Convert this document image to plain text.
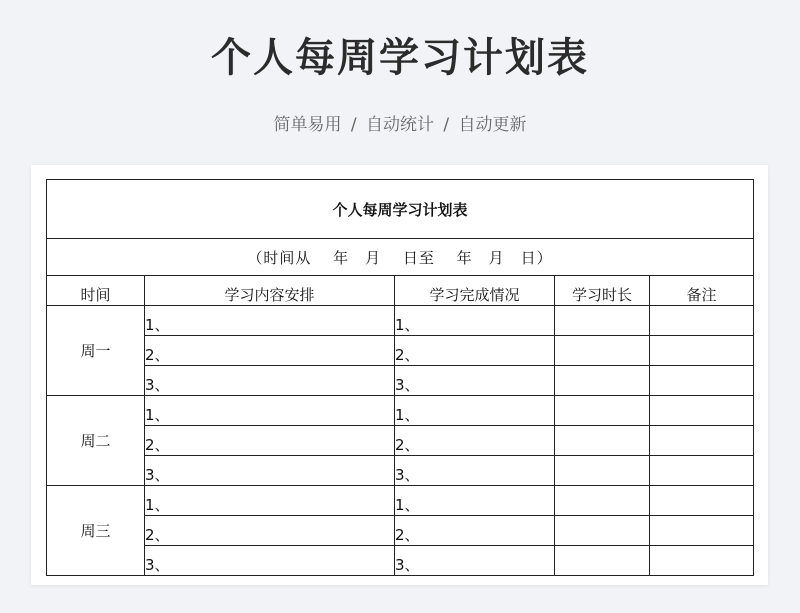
个人每周学习计划表
简单易用 / 自动统计 / 自动更新
个人每周学习计划表				
（时间从　 年　月　 日至　 年　月　日）				
时间	学习内容安排	学习完成情况	学习时长	备注
周一	1、	1、		
	2、	2、		
	3、	3、		
周二	1、	1、		
	2、	2、		
	3、	3、		
周三	1、	1、		
	2、	2、		
	3、	3、		
